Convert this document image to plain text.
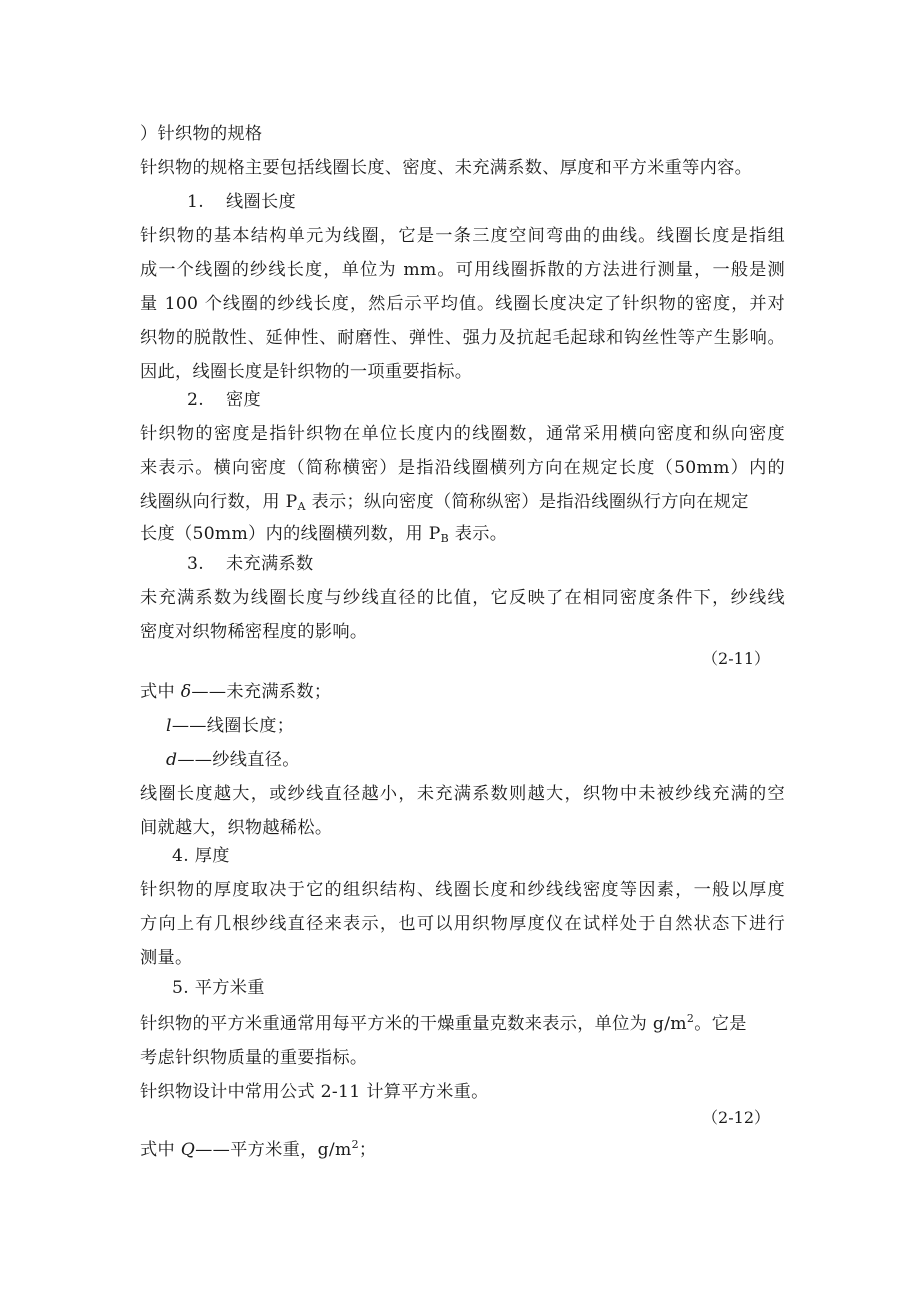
）针织物的规格
针织物的规格主要包括线圈长度、密度、未充满系数、厚度和平方米重等内容。
1. 线圈长度
针织物的基本结构单元为线圈，它是一条三度空间弯曲的曲线。线圈长度是指组
成一个线圈的纱线长度，单位为 mm。可用线圈拆散的方法进行测量，一般是测
量 100 个线圈的纱线长度，然后示平均值。线圈长度决定了针织物的密度，并对
织物的脱散性、延伸性、耐磨性、弹性、强力及抗起毛起球和钩丝性等产生影响。
因此，线圈长度是针织物的一项重要指标。
2. 密度
针织物的密度是指针织物在单位长度内的线圈数，通常采用横向密度和纵向密度
来表示。横向密度（简称横密）是指沿线圈横列方向在规定长度（50mm）内的
线圈纵向行数，用 $P_A$ 表示；纵向密度（简称纵密）是指沿线圈纵行方向在规定
长度（50mm）内的线圈横列数，用 $P_B$ 表示。
3. 未充满系数
未充满系数为线圈长度与纱线直径的比值，它反映了在相同密度条件下，纱线线
密度对织物稀密程度的影响。
（2-11）
式中 δ——未充满系数；
l——线圈长度；
d——纱线直径。
线圈长度越大，或纱线直径越小，未充满系数则越大，织物中未被纱线充满的空
间就越大，织物越稀松。
4. 厚度
针织物的厚度取决于它的组织结构、线圈长度和纱线线密度等因素，一般以厚度
方向上有几根纱线直径来表示，也可以用织物厚度仪在试样处于自然状态下进行
测量。
5. 平方米重
针织物的平方米重通常用每平方米的干燥重量克数来表示，单位为 $g/m^2$。它是
考虑针织物质量的重要指标。
针织物设计中常用公式 2-11 计算平方米重。
（2-12）
式中 Q——平方米重，$g/m^2$；
